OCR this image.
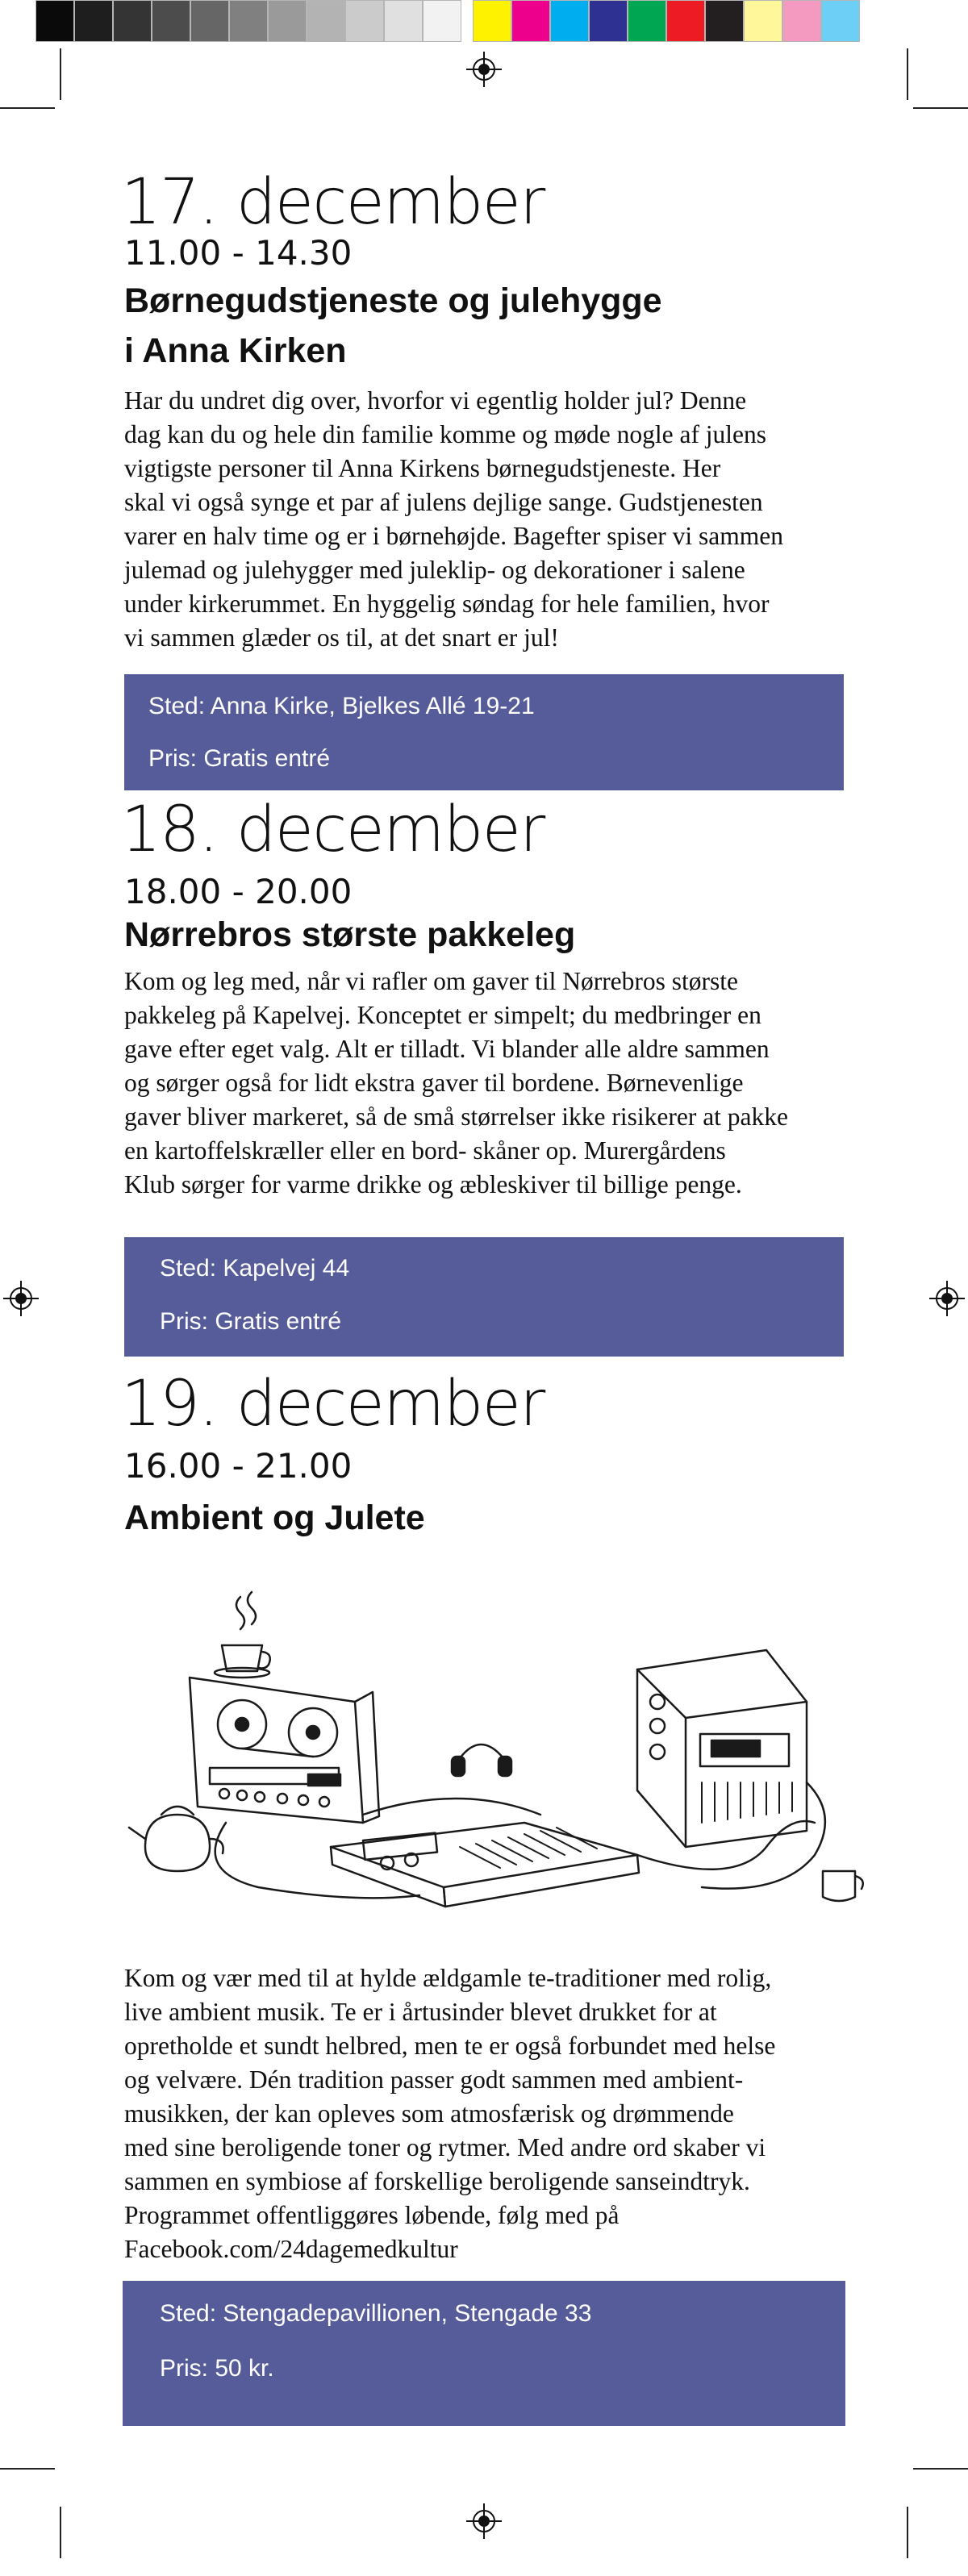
17. december
11.00 - 14.30
Børnegudstjeneste og julehygge
i Anna Kirken
Har du undret dig over, hvorfor vi egentlig holder jul? Denne
dag kan du og hele din familie komme og møde nogle af julens
vigtigste personer til Anna Kirkens børnegudstjeneste. Her
skal vi også synge et par af julens dejlige sange. Gudstjenesten
varer en halv time og er i børnehøjde. Bagefter spiser vi sammen
julemad og julehygger med juleklip- og dekorationer i salene
under kirkerummet. En hyggelig søndag for hele familien, hvor
vi sammen glæder os til, at det snart er jul!
Sted: Anna Kirke, Bjelkes Allé 19-21
Pris: Gratis entré
18. december
18.00 - 20.00
Nørrebros største pakkeleg
Kom og leg med, når vi rafler om gaver til Nørrebros største
pakkeleg på Kapelvej. Konceptet er simpelt; du medbringer en
gave efter eget valg. Alt er tilladt. Vi blander alle aldre sammen
og sørger også for lidt ekstra gaver til bordene. Børnevenlige
gaver bliver markeret, så de små størrelser ikke risikerer at pakke
en kartoffelskræller eller en bord- skåner op. Murergårdens
Klub sørger for varme drikke og æbleskiver til billige penge.
Sted: Kapelvej 44
Pris: Gratis entré
19. december
16.00 - 21.00
Ambient og Julete
Kom og vær med til at hylde ældgamle te-traditioner med rolig,
live ambient musik. Te er i årtusinder blevet drukket for at
opretholde et sundt helbred, men te er også forbundet med helse
og velvære. Dén tradition passer godt sammen med ambient-
musikken, der kan opleves som atmosfærisk og drømmende
med sine beroligende toner og rytmer. Med andre ord skaber vi
sammen en symbiose af forskellige beroligende sanseindtryk.
Programmet offentliggøres løbende, følg med på
Facebook.com/24dagemedkultur
Sted: Stengadepavillionen, Stengade 33
Pris: 50 kr.
